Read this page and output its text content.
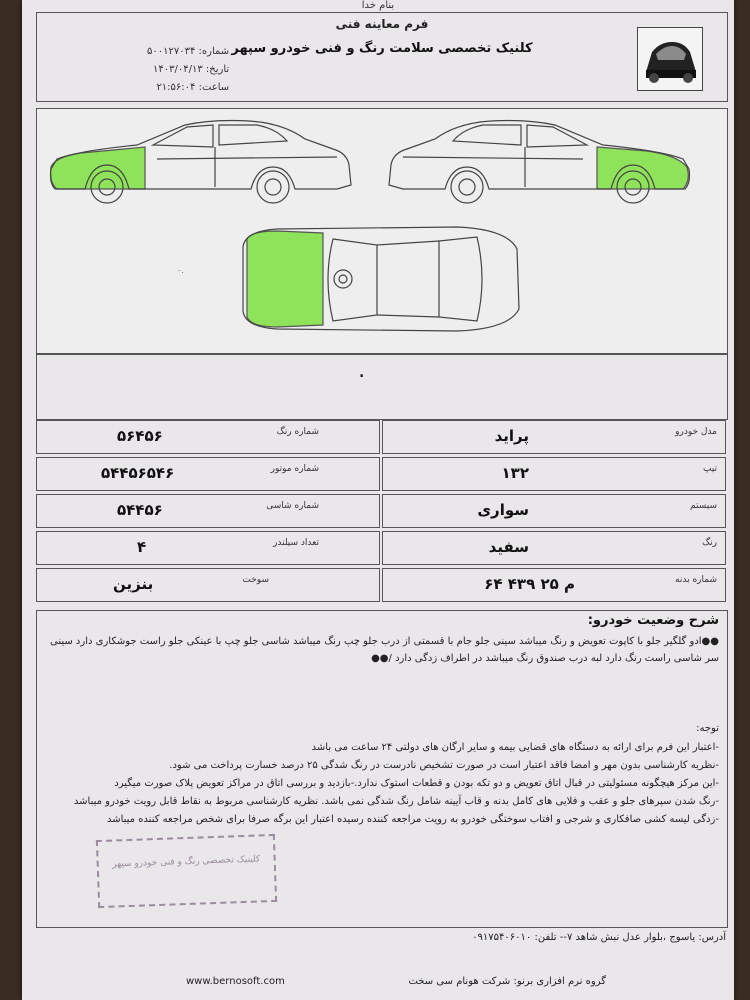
بنام خدا
فرم معاینه فنی
کلنیک تخصصی سلامت رنگ و فنی خودرو سپهر
شماره: ۵۰۰۱۲۷۰۳۴
تاریخ: ۱۴۰۳/۰۴/۱۳
ساعت: ۲۱:۵۶:۰۴
۰.
.
مدل خودرو
پراید
تیپ
۱۳۲
سیستم
سواری
رنگ
سفید
شماره بدنه
۶۴ ۴۳۹ م ۲۵
شماره رنگ
۵۶۴۵۶
شماره موتور
۵۴۴۵۶۵۴۶
شماره شاسی
۵۴۴۵۶
تعداد سیلندر
۴
سوخت
بنزین
شرح وضعیت خودرو:
●●ادو گلگیر جلو با کاپوت تعویض و رنگ میباشد سینی جلو جام با قسمتی از درب جلو چپ رنگ میباشد شاسی جلو چپ با عینکی جلو راست جوشکاری دارد سینی سر شاسی راست رنگ دارد لبه درب صندوق رنگ میباشد در اطراف زدگی دارد /●●
توجه:
-اعتبار این فرم برای ارائه به دستگاه های قضایی بیمه و سایر ارگان های دولتی ۲۴ ساعت می باشد
-نظریه کارشناسی بدون مهر و امضا فاقد اعتبار است در صورت تشخیص نادرست در رنگ شدگی ۲۵ درصد خسارت پرداخت می شود.
-این مرکز هیچگونه مسئولیتی در قبال اتاق تعویض و دو تکه بودن و قطعات استوک ندارد.-بازدید و بررسی اتاق در مراکز تعویض پلاک صورت میگیرد
-رنگ شدن سپرهای جلو و عقب و فلایی های کامل بدنه و قاب آیینه شامل رنگ شدگی نمی باشد. نظریه کارشناسی مربوط به نقاط قابل رویت خودرو میباشد
-زدگی لیسه کشی صافکاری و شرجی و افتاب سوختگی خودرو به رویت مراجعه کننده رسیده اعتبار این برگه صرفا برای شخص مراجعه کننده میباشد
کلینیک تخصصی رنگ و فنی خودرو سپهر
آدرس: یاسوج ،بلوار عدل نبش شاهد ۷-- تلفن: ۰۹۱۷۵۴۰۶۰۱۰
گروه نرم افزاری برنو: شرکت هونام سی سخت
www.bernosoft.com
